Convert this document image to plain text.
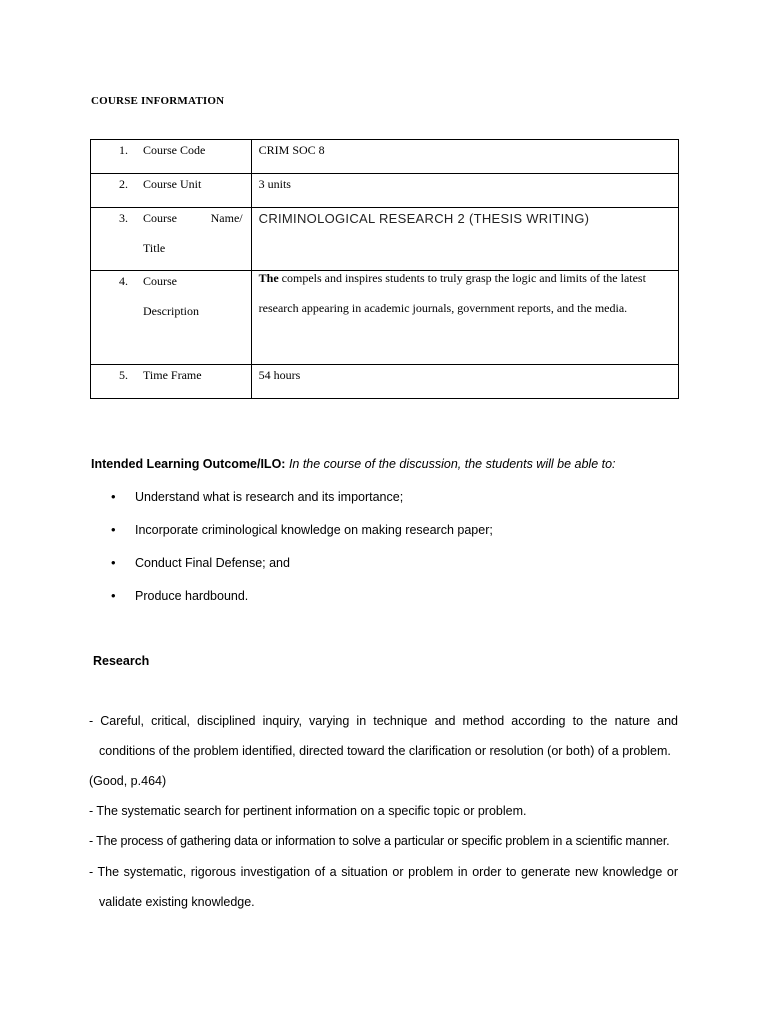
COURSE INFORMATION
1. Course Code	CRIM SOC 8

2. Course Unit	3 units

3. Course Name/
Title	CRIMINOLOGICAL RESEARCH 2 (THESIS WRITING)

4. Course
Description	The compels and inspires students to truly grasp the logic and limits of the latest research appearing in academic journals, government reports, and the media.

5. Time Frame	54 hours
Intended Learning Outcome/ILO: In the course of the discussion, the students will be able to:
• Understand what is research and its importance;
• Incorporate criminological knowledge on making research paper;
• Conduct Final Defense; and
• Produce hardbound.
Research
- Careful, critical, disciplined inquiry, varying in technique and method according to the nature and
conditions of the problem identified, directed toward the clarification or resolution (or both) of a problem.
(Good, p.464)
- The systematic search for pertinent information on a specific topic or problem.
- The process of gathering data or information to solve a particular or specific problem in a scientific manner.
- The systematic, rigorous investigation of a situation or problem in order to generate new knowledge or
validate existing knowledge.
